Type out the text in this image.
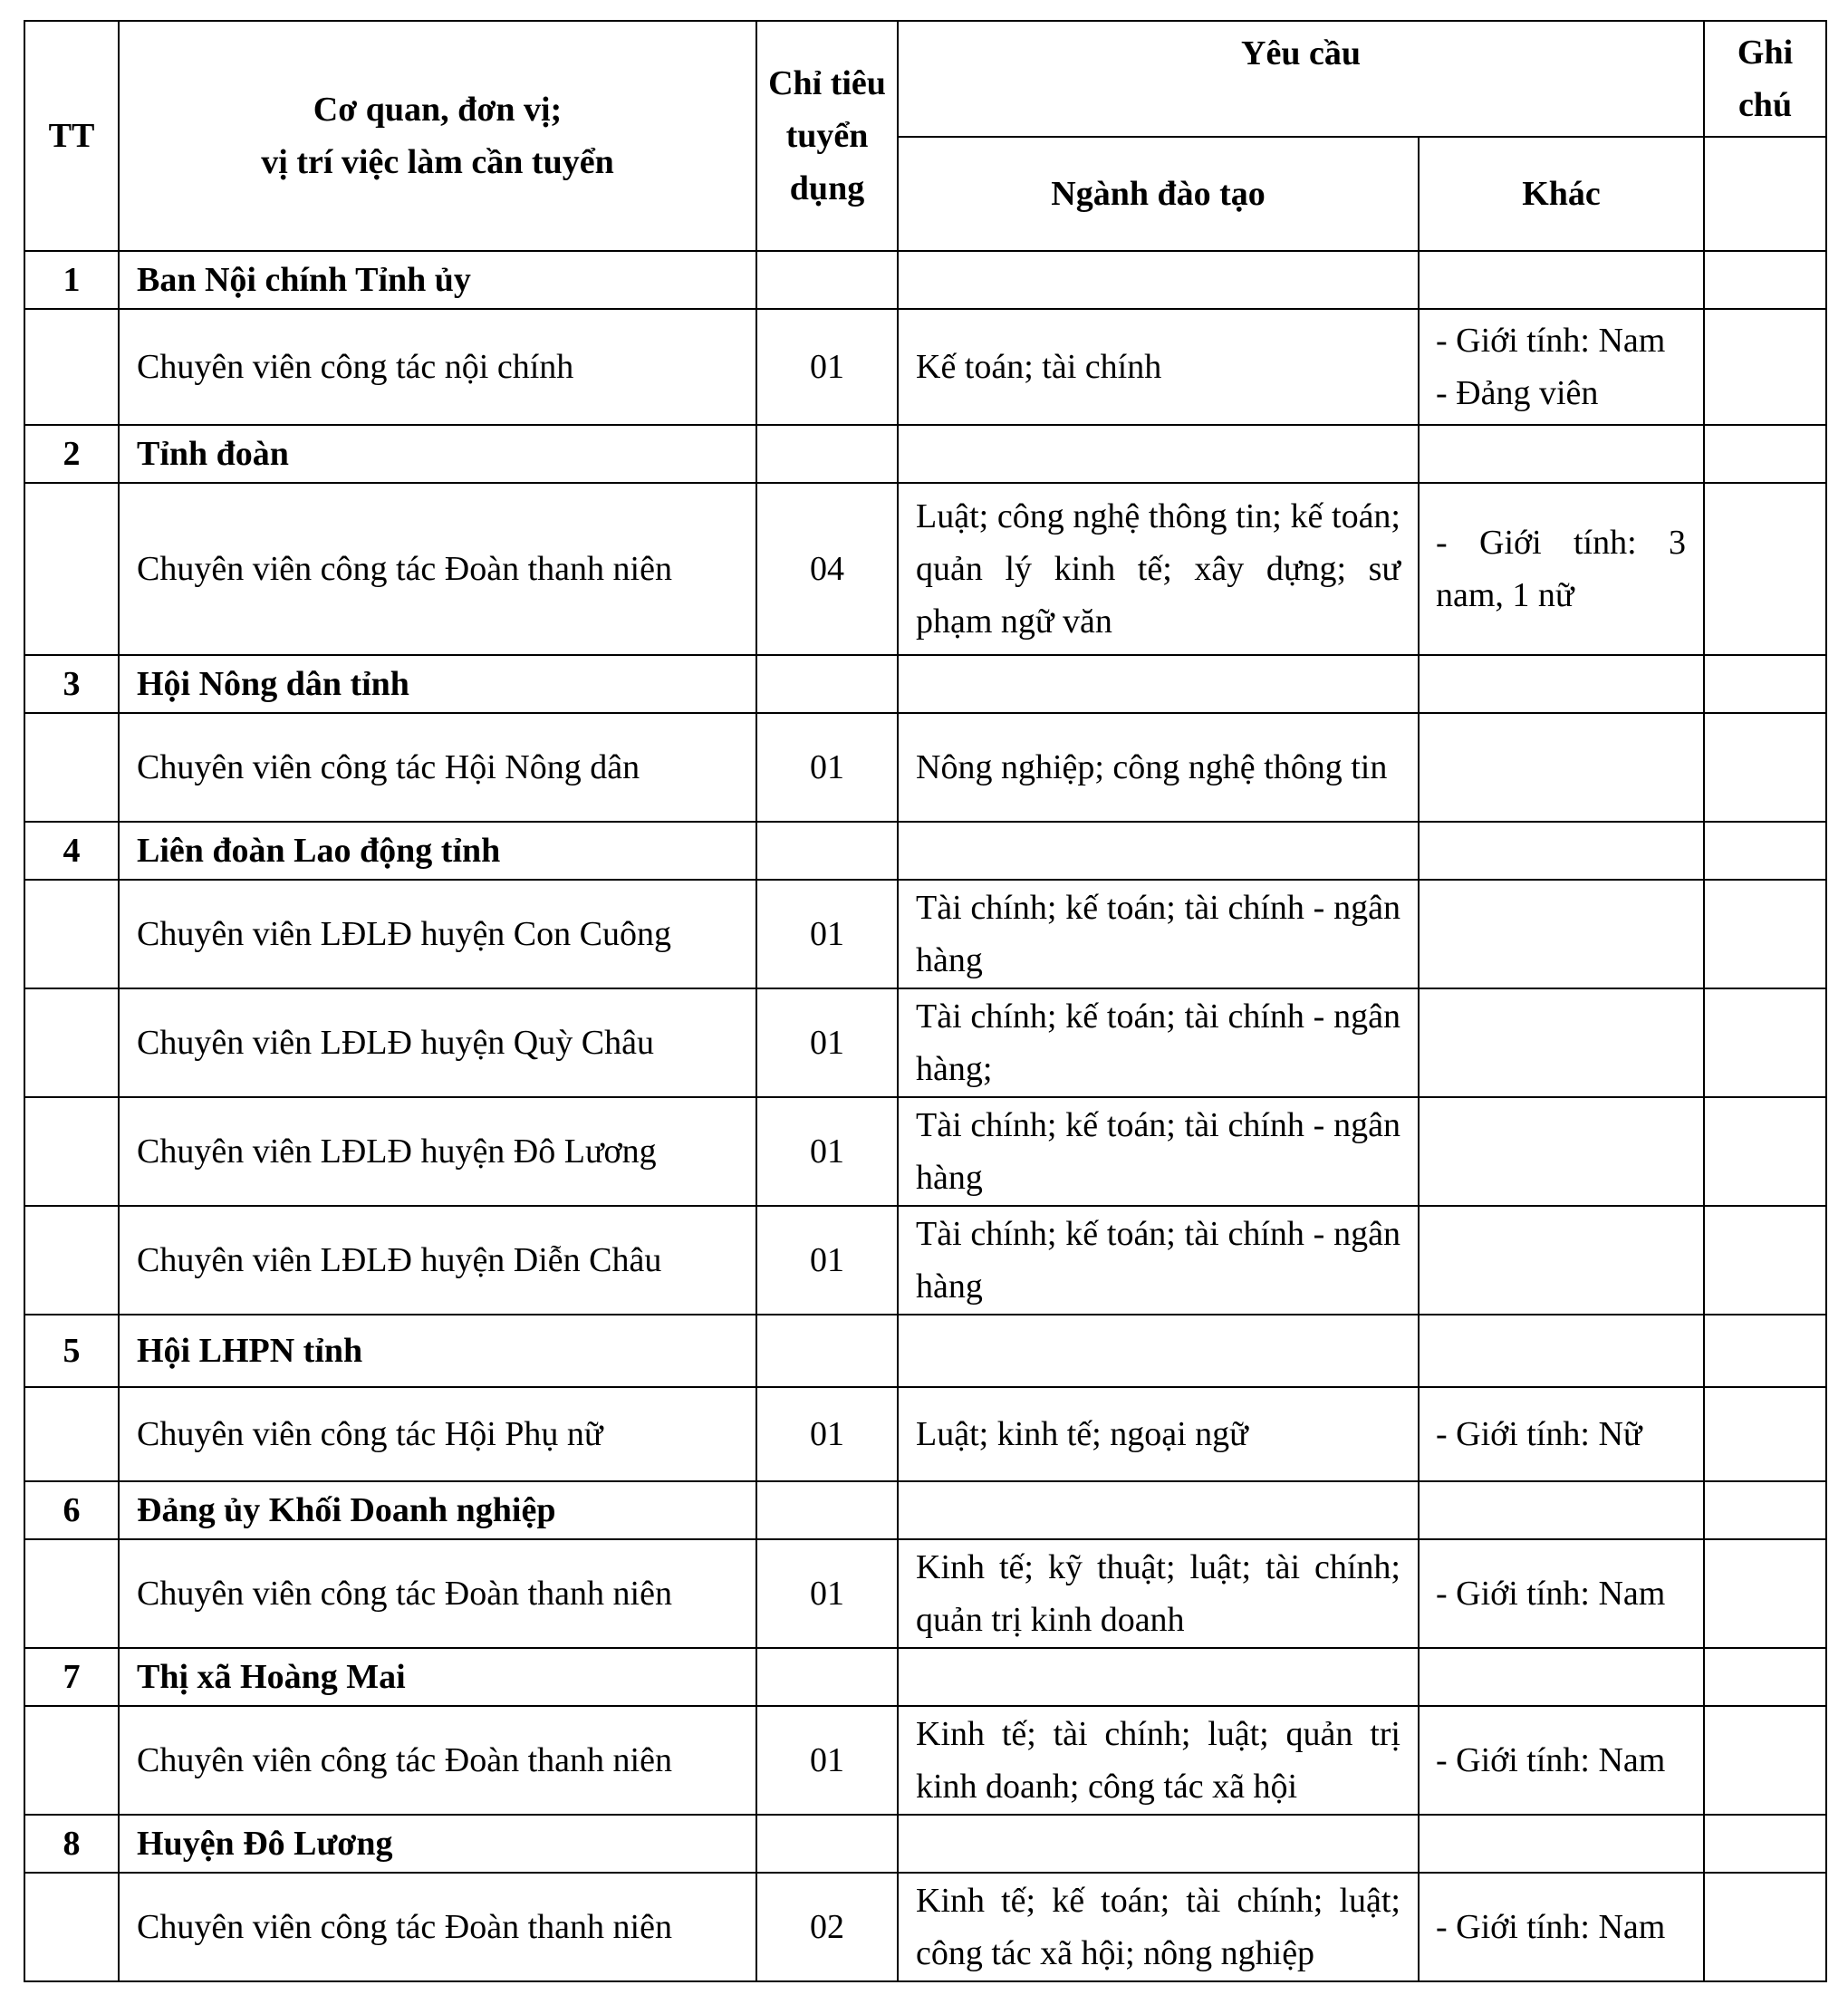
TT	Cơ quan, đơn vị;
vị trí việc làm cần tuyển	Chỉ tiêu tuyển dụng	Yêu cầu		Ghi chú
			Ngành đào tạo	Khác	
1	Ban Nội chính Tỉnh ủy				
	Chuyên viên công tác nội chính	01	Kế toán; tài chính	- Giới tính: Nam
- Đảng viên	

2	Tỉnh đoàn				
	Chuyên viên công tác Đoàn thanh niên	04	Luật; công nghệ thông tin; kế toán; quản lý kinh tế; xây dựng; sư phạm ngữ văn	- Giới tính: 3 nam, 1 nữ	

3	Hội Nông dân tỉnh				
	Chuyên viên công tác Hội Nông dân	01	Nông nghiệp; công nghệ thông tin		
4	Liên đoàn Lao động tỉnh				
	Chuyên viên LĐLĐ huyện Con Cuông	01	Tài chính; kế toán; tài chính - ngân hàng		
	Chuyên viên LĐLĐ huyện Quỳ Châu	01	Tài chính; kế toán; tài chính - ngân hàng;		
	Chuyên viên LĐLĐ huyện Đô Lương	01	Tài chính; kế toán; tài chính - ngân hàng		
	Chuyên viên LĐLĐ huyện Diễn Châu	01	Tài chính; kế toán; tài chính - ngân hàng		
5	Hội LHPN tỉnh				
	Chuyên viên công tác Hội Phụ nữ	01	Luật; kinh tế; ngoại ngữ	- Giới tính: Nữ	

6	Đảng ủy Khối Doanh nghiệp				
	Chuyên viên công tác Đoàn thanh niên	01	Kinh tế; kỹ thuật; luật; tài chính; quản trị kinh doanh	- Giới tính: Nam	

7	Thị xã Hoàng Mai				
	Chuyên viên công tác Đoàn thanh niên	01	Kinh tế; tài chính; luật; quản trị kinh doanh; công tác xã hội	- Giới tính: Nam	

8	Huyện Đô Lương				
	Chuyên viên công tác Đoàn thanh niên	02	Kinh tế; kế toán; tài chính; luật; công tác xã hội; nông nghiệp	- Giới tính: Nam	
